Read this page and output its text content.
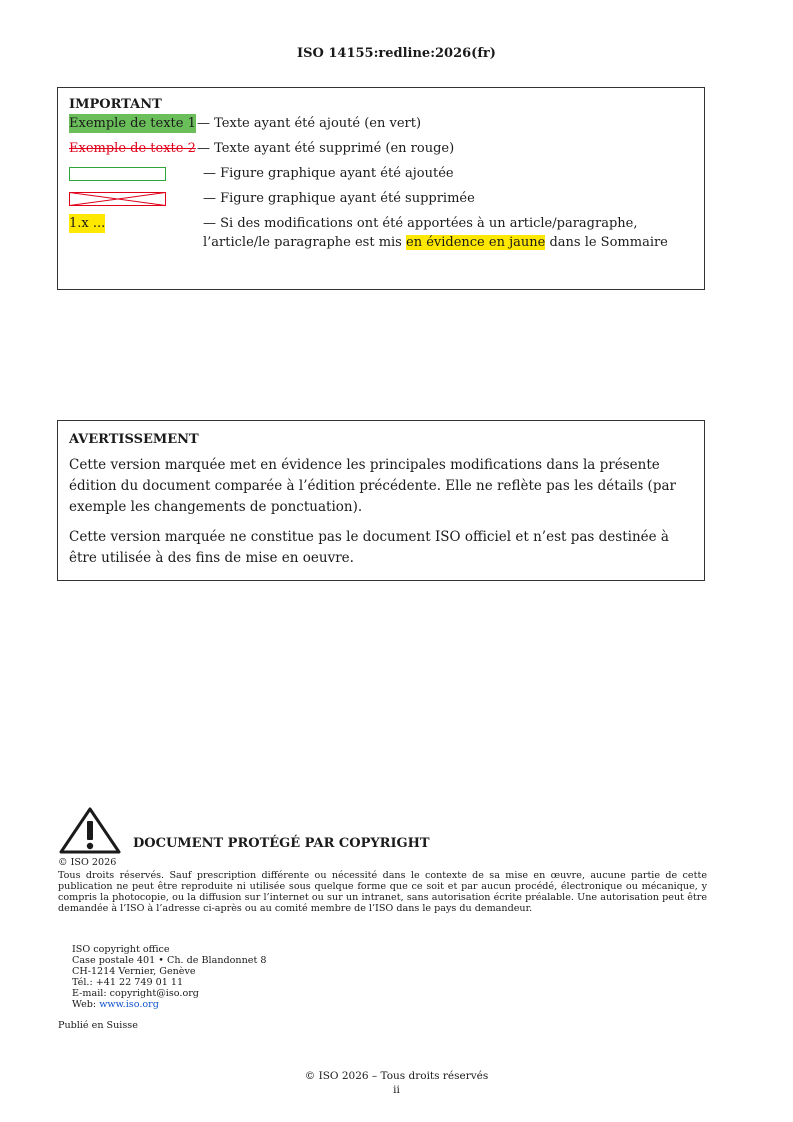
ISO 14155:redline:2026(fr)
IMPORTANT
Exemple de texte 1 — Texte ayant été ajouté (en vert)
Exemple de texte 2 — Texte ayant été supprimé (en rouge)
— Figure graphique ayant été ajoutée
— Figure graphique ayant été supprimée
1.x ...	— Si des modifications ont été apportées à un article/paragraphe, l’article/le paragraphe est mis en évidence en jaune dans le Sommaire
AVERTISSEMENT

Cette version marquée met en évidence les principales modifications dans la présente édition du document comparée à l’édition précédente. Elle ne reflète pas les détails (par exemple les changements de ponctuation).

Cette version marquée ne constitue pas le document ISO officiel et n’est pas destinée à être utilisée à des fins de mise en oeuvre.

DOCUMENT PROTÉGÉ PAR COPYRIGHT
© ISO 2026
Tous droits réservés. Sauf prescription différente ou nécessité dans le contexte de sa mise en œuvre, aucune partie de cette publication ne peut être reproduite ni utilisée sous quelque forme que ce soit et par aucun procédé, électronique ou mécanique, y compris la photocopie, ou la diffusion sur l’internet ou sur un intranet, sans autorisation écrite préalable. Une autorisation peut être demandée à l’ISO à l’adresse ci-après ou au comité membre de l’ISO dans le pays du demandeur.
ISO copyright office
Case postale 401 • Ch. de Blandonnet 8
CH-1214 Vernier, Genève
Tél.: +41 22 749 01 11
E-mail: copyright@iso.org
Web: www.iso.org
Publié en Suisse
© ISO 2026 – Tous droits réservés
ii
